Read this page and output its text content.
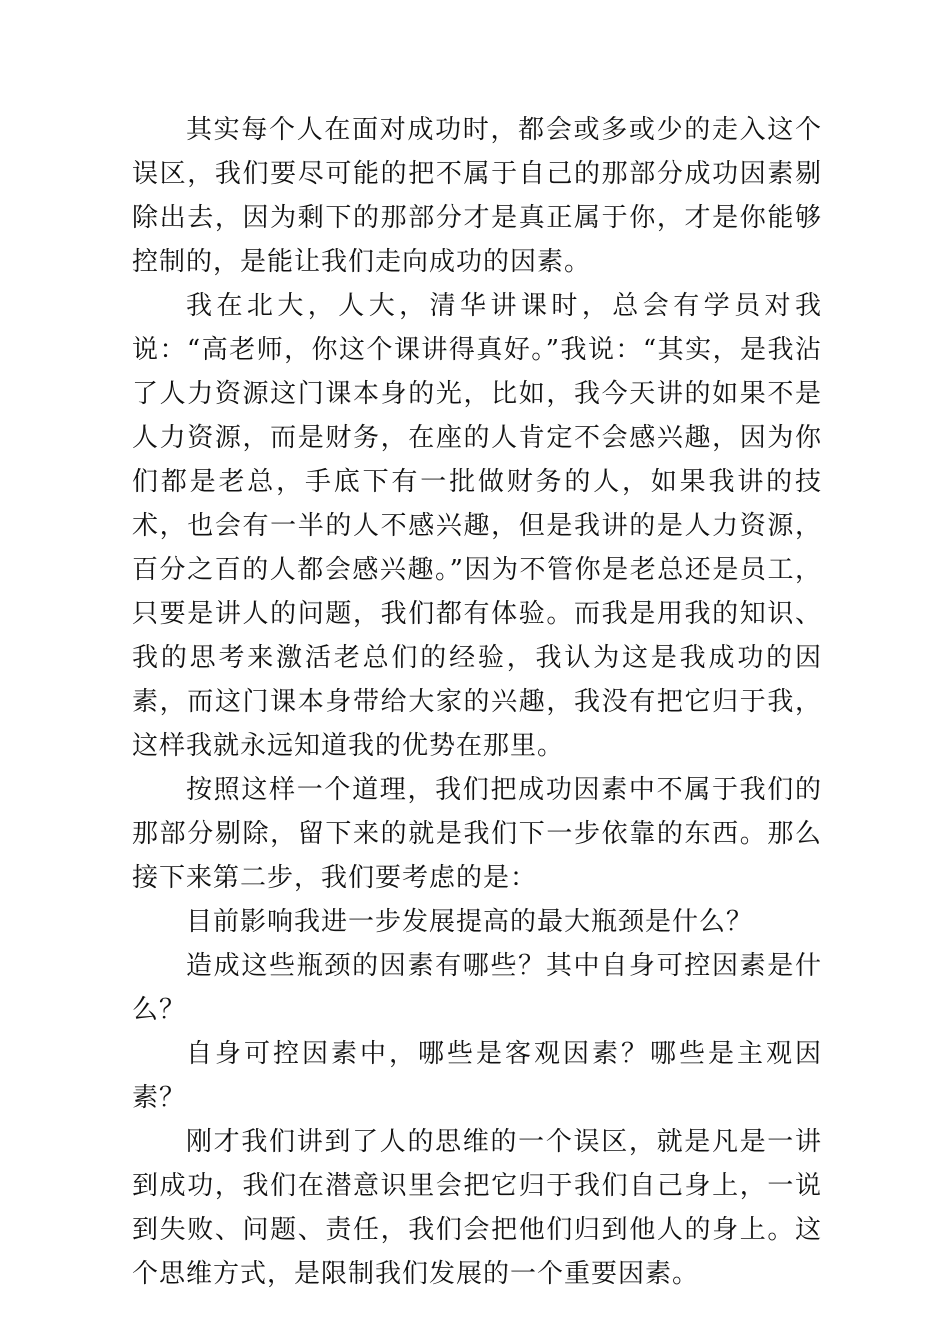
其实每个人在面对成功时，都会或多或少的走入这个误区，我们要尽可能的把不属于自己的那部分成功因素剔除出去，因为剩下的那部分才是真正属于你，才是你能够控制的，是能让我们走向成功的因素。

我在北大，人大，清华讲课时，总会有学员对我说：“高老师，你这个课讲得真好。”我说：“其实，是我沾了人力资源这门课本身的光，比如，我今天讲的如果不是人力资源，而是财务，在座的人肯定不会感兴趣，因为你们都是老总，手底下有一批做财务的人，如果我讲的技术，也会有一半的人不感兴趣，但是我讲的是人力资源，百分之百的人都会感兴趣。”因为不管你是老总还是员工，只要是讲人的问题，我们都有体验。而我是用我的知识、我的思考来激活老总们的经验，我认为这是我成功的因素，而这门课本身带给大家的兴趣，我没有把它归于我，这样我就永远知道我的优势在那里。

按照这样一个道理，我们把成功因素中不属于我们的那部分剔除，留下来的就是我们下一步依靠的东西。那么接下来第二步，我们要考虑的是：

目前影响我进一步发展提高的最大瓶颈是什么？

造成这些瓶颈的因素有哪些？其中自身可控因素是什么？

自身可控因素中，哪些是客观因素？哪些是主观因素？

刚才我们讲到了人的思维的一个误区，就是凡是一讲到成功，我们在潜意识里会把它归于我们自己身上，一说到失败、问题、责任，我们会把他们归到他人的身上。这个思维方式，是限制我们发展的一个重要因素。
